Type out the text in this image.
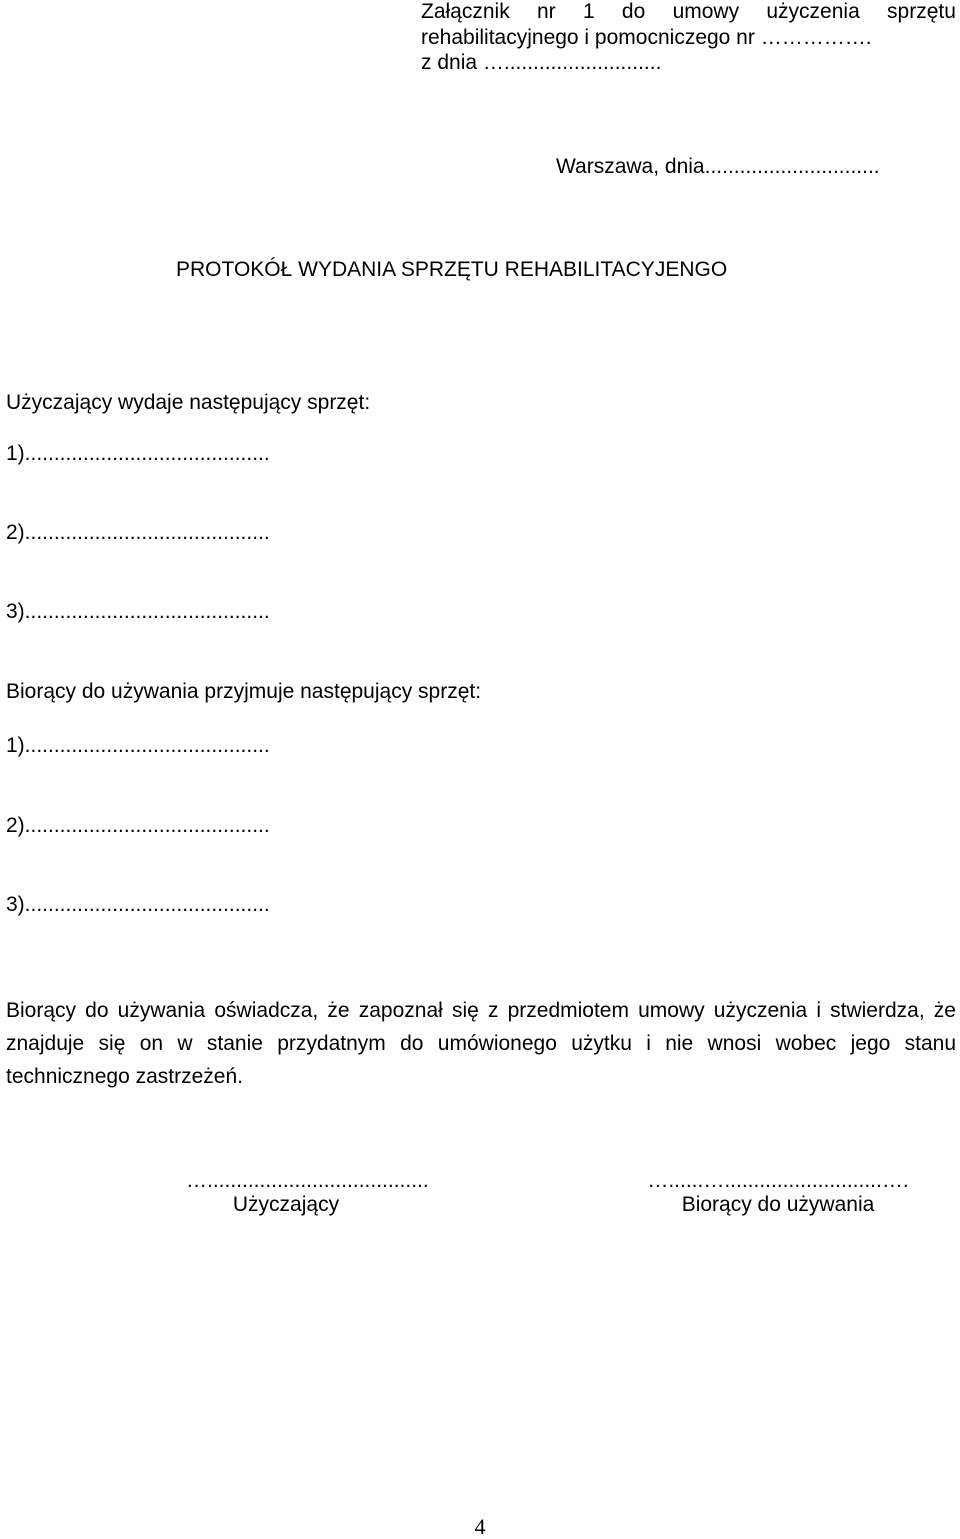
Załącznik nr 1 do umowy użyczenia sprzętu
rehabilitacyjnego i pomocniczego nr …………….
z dnia …...........................
Warszawa, dnia..............................
PROTOKÓŁ WYDANIA SPRZĘTU REHABILITACYJENGO
Użyczający wydaje następujący sprzęt:
1)..........................................
2)..........................................
3)..........................................
Biorący do używania przyjmuje następujący sprzęt:
1)..........................................
2)..........................................
3)..........................................
Biorący do używania oświadcza, że zapoznał się z przedmiotem umowy użyczenia i stwierdza, że znajduje się on w stanie przydatnym do umówionego użytku i nie wnosi wobec jego stanu technicznego zastrzeżeń.
…......................................
Użyczający
…......…...........................….
Biorący do używania
4
